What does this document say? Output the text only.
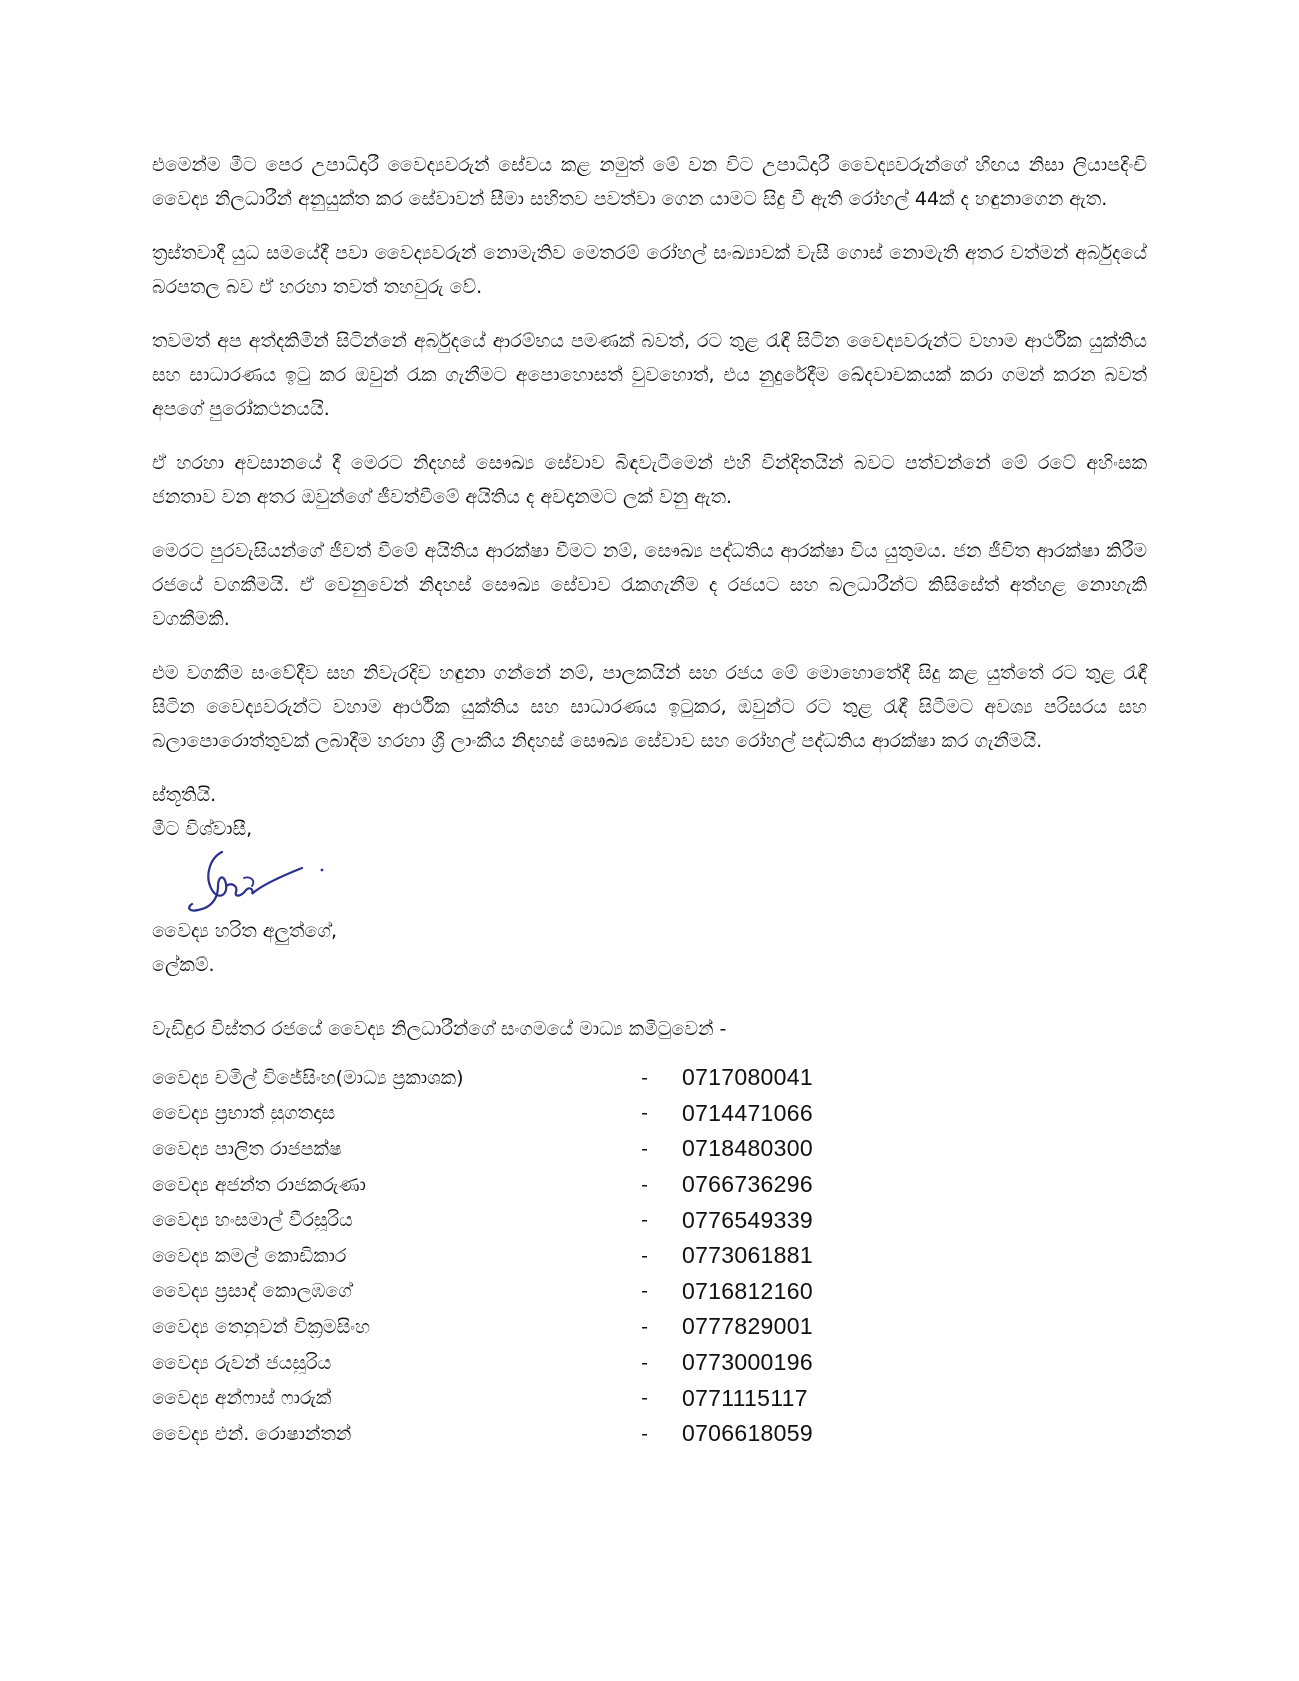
එමෙන්ම මීට පෙර උපාධිදාරී වෛද්‍යවරුන් සේවය කළ නමුත් මේ වන විට උපාධිදාරී වෛද්‍යවරුන්ගේ හිඟය නිසා ලියාපදිංචි වෛද්‍ය නිලධාරීන් අනුයුක්ත කර සේවාවන් සීමා සහිතව පවත්වා ගෙන යාමට සිදු වී ඇති රෝහල් 44ක් ද හඳුනාගෙන ඇත.

ත්‍රස්තවාදී යුධ සමයේදී පවා වෛද්‍යවරුන් නොමැතිව මෙතරම් රෝහල් සංඛ්‍යාවක් වැසී ගොස් නොමැති අතර වත්මන් අර්බුදයේ බරපතල බව ඒ හරහා තවත් තහවුරු වේ.

තවමත් අප අත්දකිමින් සිටින්නේ අර්බුදයේ ආරම්භය පමණක් බවත්, රට තුළ රැඳී සිටින වෛද්‍යවරුන්ට වහාම ආර්ථික යුක්තිය සහ සාධාරණය ඉටු කර ඔවුන් රැක ගැනීමට අපොහොසත් වුවහොත්, එය නුදුරේදීම ඛේදවාචකයක් කරා ගමන් කරන බවත් අපගේ පුරෝකථනයයි.

ඒ හරහා අවසානයේ දී මෙරට නිදහස් සෞඛ්‍ය සේවාව බිඳවැටීමෙන් එහි වින්දිතයින් බවට පත්වන්නේ මේ රටේ අහිංසක ජනතාව වන අතර ඔවුන්ගේ ජීවත්වීමේ අයිතිය ද අවදානමට ලක් වනු ඇත.

මෙරට පුරවැසියන්ගේ ජීවත් වීමේ අයිතිය ආරක්ෂා වීමට නම්, සෞඛ්‍ය පද්ධතිය ආරක්ෂා විය යුතුමය. ජන ජීවිත ආරක්ෂා කිරීම රජයේ වගකීමයි. ඒ වෙනුවෙන් නිදහස් සෞඛ්‍ය සේවාව රැකගැනීම ද රජයට සහ බලධාරීන්ට කිසිසේත් අත්හළ නොහැකි වගකීමකි.

එම වගකීම සංවේදීව සහ නිවැරදිව හඳුනා ගන්නේ නම්, පාලකයින් සහ රජය මේ මොහොතේදී සිදු කළ යුත්තේ රට තුළ රැඳී සිටින වෛද්‍යවරුන්ට වහාම ආර්ථික යුක්තිය සහ සාධාරණය ඉටුකර, ඔවුන්ට රට තුළ රැඳී සිටීමට අවශ්‍ය පරිසරය සහ බලාපොරොත්තුවක් ලබාදීම හරහා ශ්‍රී ලාංකීය නිදහස් සෞඛ්‍ය සේවාව සහ රෝහල් පද්ධතිය ආරක්ෂා කර ගැනීමයි.

ස්තූතියි.
මීට විශ්වාසී,
වෛද්‍ය හරිත අලුත්ගේ,
ලේකම්.
වැඩිදුර විස්තර රජයේ වෛද්‍ය නිලධාරීන්ගේ සංගමයේ මාධ්‍ය කමිටුවෙන් -
වෛද්‍ය චමිල් විජේසිංහ(මාධ්‍ය ප්‍රකාශක)	-	0717080041
වෛද්‍ය ප්‍රභාත් සුගතදාස	-	0714471066
වෛද්‍ය පාලිත රාජපක්ෂ	-	0718480300
වෛද්‍ය අජන්ත රාජකරුණා	-	0766736296
වෛද්‍ය හංසමාල් වීරසූරිය	-	0776549339
වෛද්‍ය කමල් කොඩිකාර	-	0773061881
වෛද්‍ය ප්‍රසාද් කොලඹගේ	-	0716812160
වෛද්‍ය තෙනුවන් වික්‍රමසිංහ	-	0777829001
වෛද්‍ය රුවන් ජයසූරිය	-	0773000196
වෛද්‍ය අන්ෆාස් ෆාරුක්	-	0771115117
වෛද්‍ය එන්. රොෂාන්තන්	-	0706618059
